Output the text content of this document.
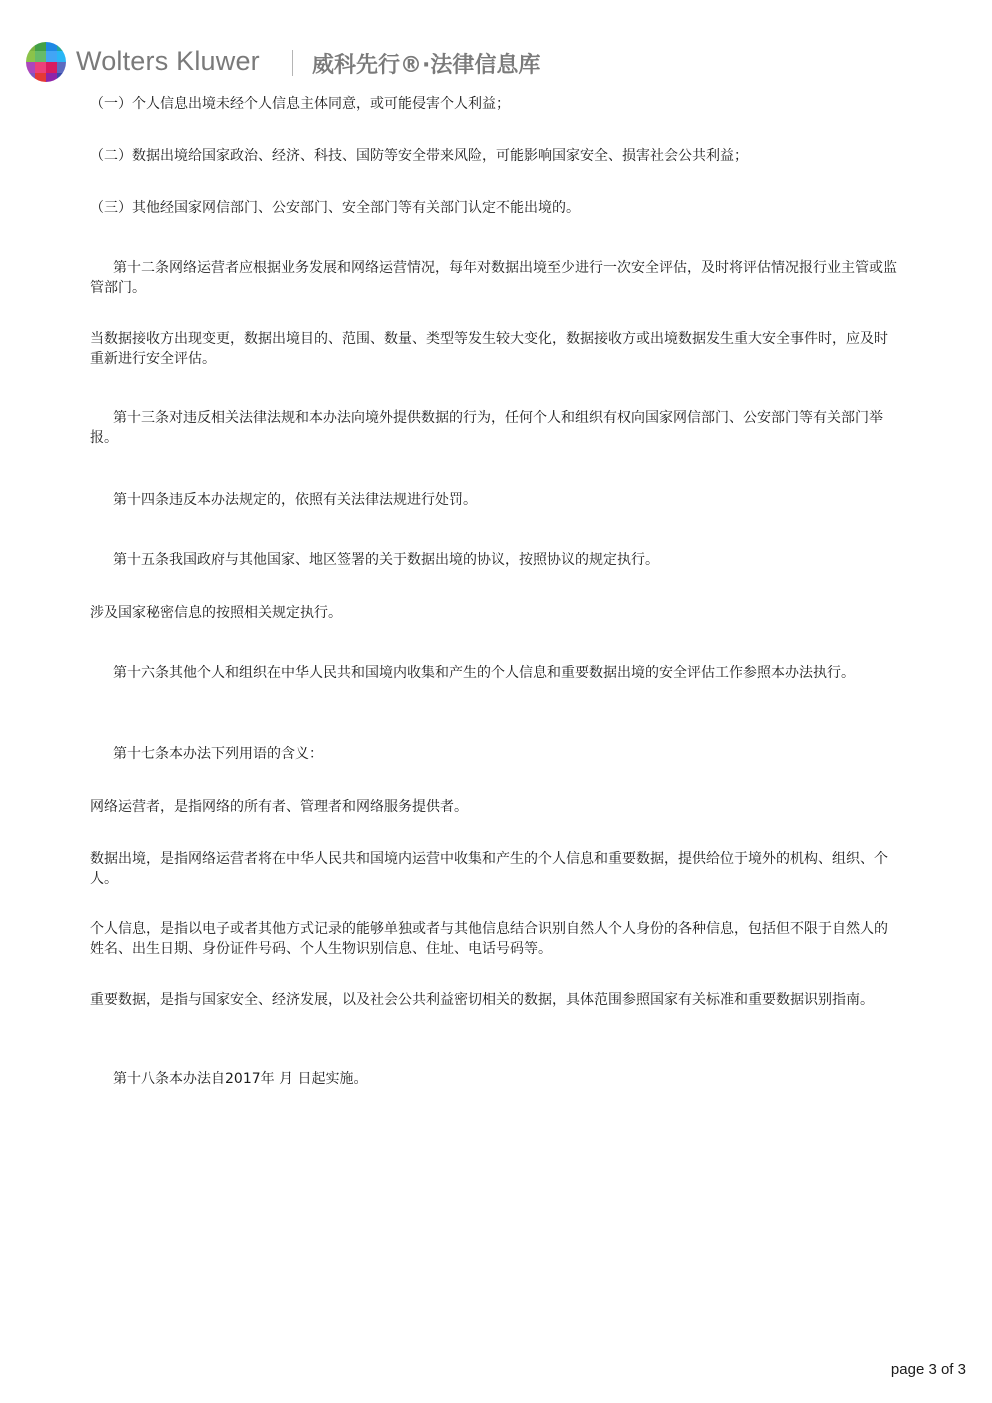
Wolters Kluwer 威科先行®·法律信息库

（一）个人信息出境未经个人信息主体同意，或可能侵害个人利益；

（二）数据出境给国家政治、经济、科技、国防等安全带来风险，可能影响国家安全、损害社会公共利益；

（三）其他经国家网信部门、公安部门、安全部门等有关部门认定不能出境的。

第十二条网络运营者应根据业务发展和网络运营情况，每年对数据出境至少进行一次安全评估，及时将评估情况报行业主管或监管部门。

当数据接收方出现变更，数据出境目的、范围、数量、类型等发生较大变化，数据接收方或出境数据发生重大安全事件时，应及时重新进行安全评估。

第十三条对违反相关法律法规和本办法向境外提供数据的行为，任何个人和组织有权向国家网信部门、公安部门等有关部门举报。

第十四条违反本办法规定的，依照有关法律法规进行处罚。

第十五条我国政府与其他国家、地区签署的关于数据出境的协议，按照协议的规定执行。

涉及国家秘密信息的按照相关规定执行。

第十六条其他个人和组织在中华人民共和国境内收集和产生的个人信息和重要数据出境的安全评估工作参照本办法执行。

第十七条本办法下列用语的含义：

网络运营者，是指网络的所有者、管理者和网络服务提供者。

数据出境，是指网络运营者将在中华人民共和国境内运营中收集和产生的个人信息和重要数据，提供给位于境外的机构、组织、个人。

个人信息，是指以电子或者其他方式记录的能够单独或者与其他信息结合识别自然人个人身份的各种信息，包括但不限于自然人的姓名、出生日期、身份证件号码、个人生物识别信息、住址、电话号码等。

重要数据，是指与国家安全、经济发展，以及社会公共利益密切相关的数据，具体范围参照国家有关标准和重要数据识别指南。

第十八条本办法自2017年 月 日起实施。

page 3 of 3
